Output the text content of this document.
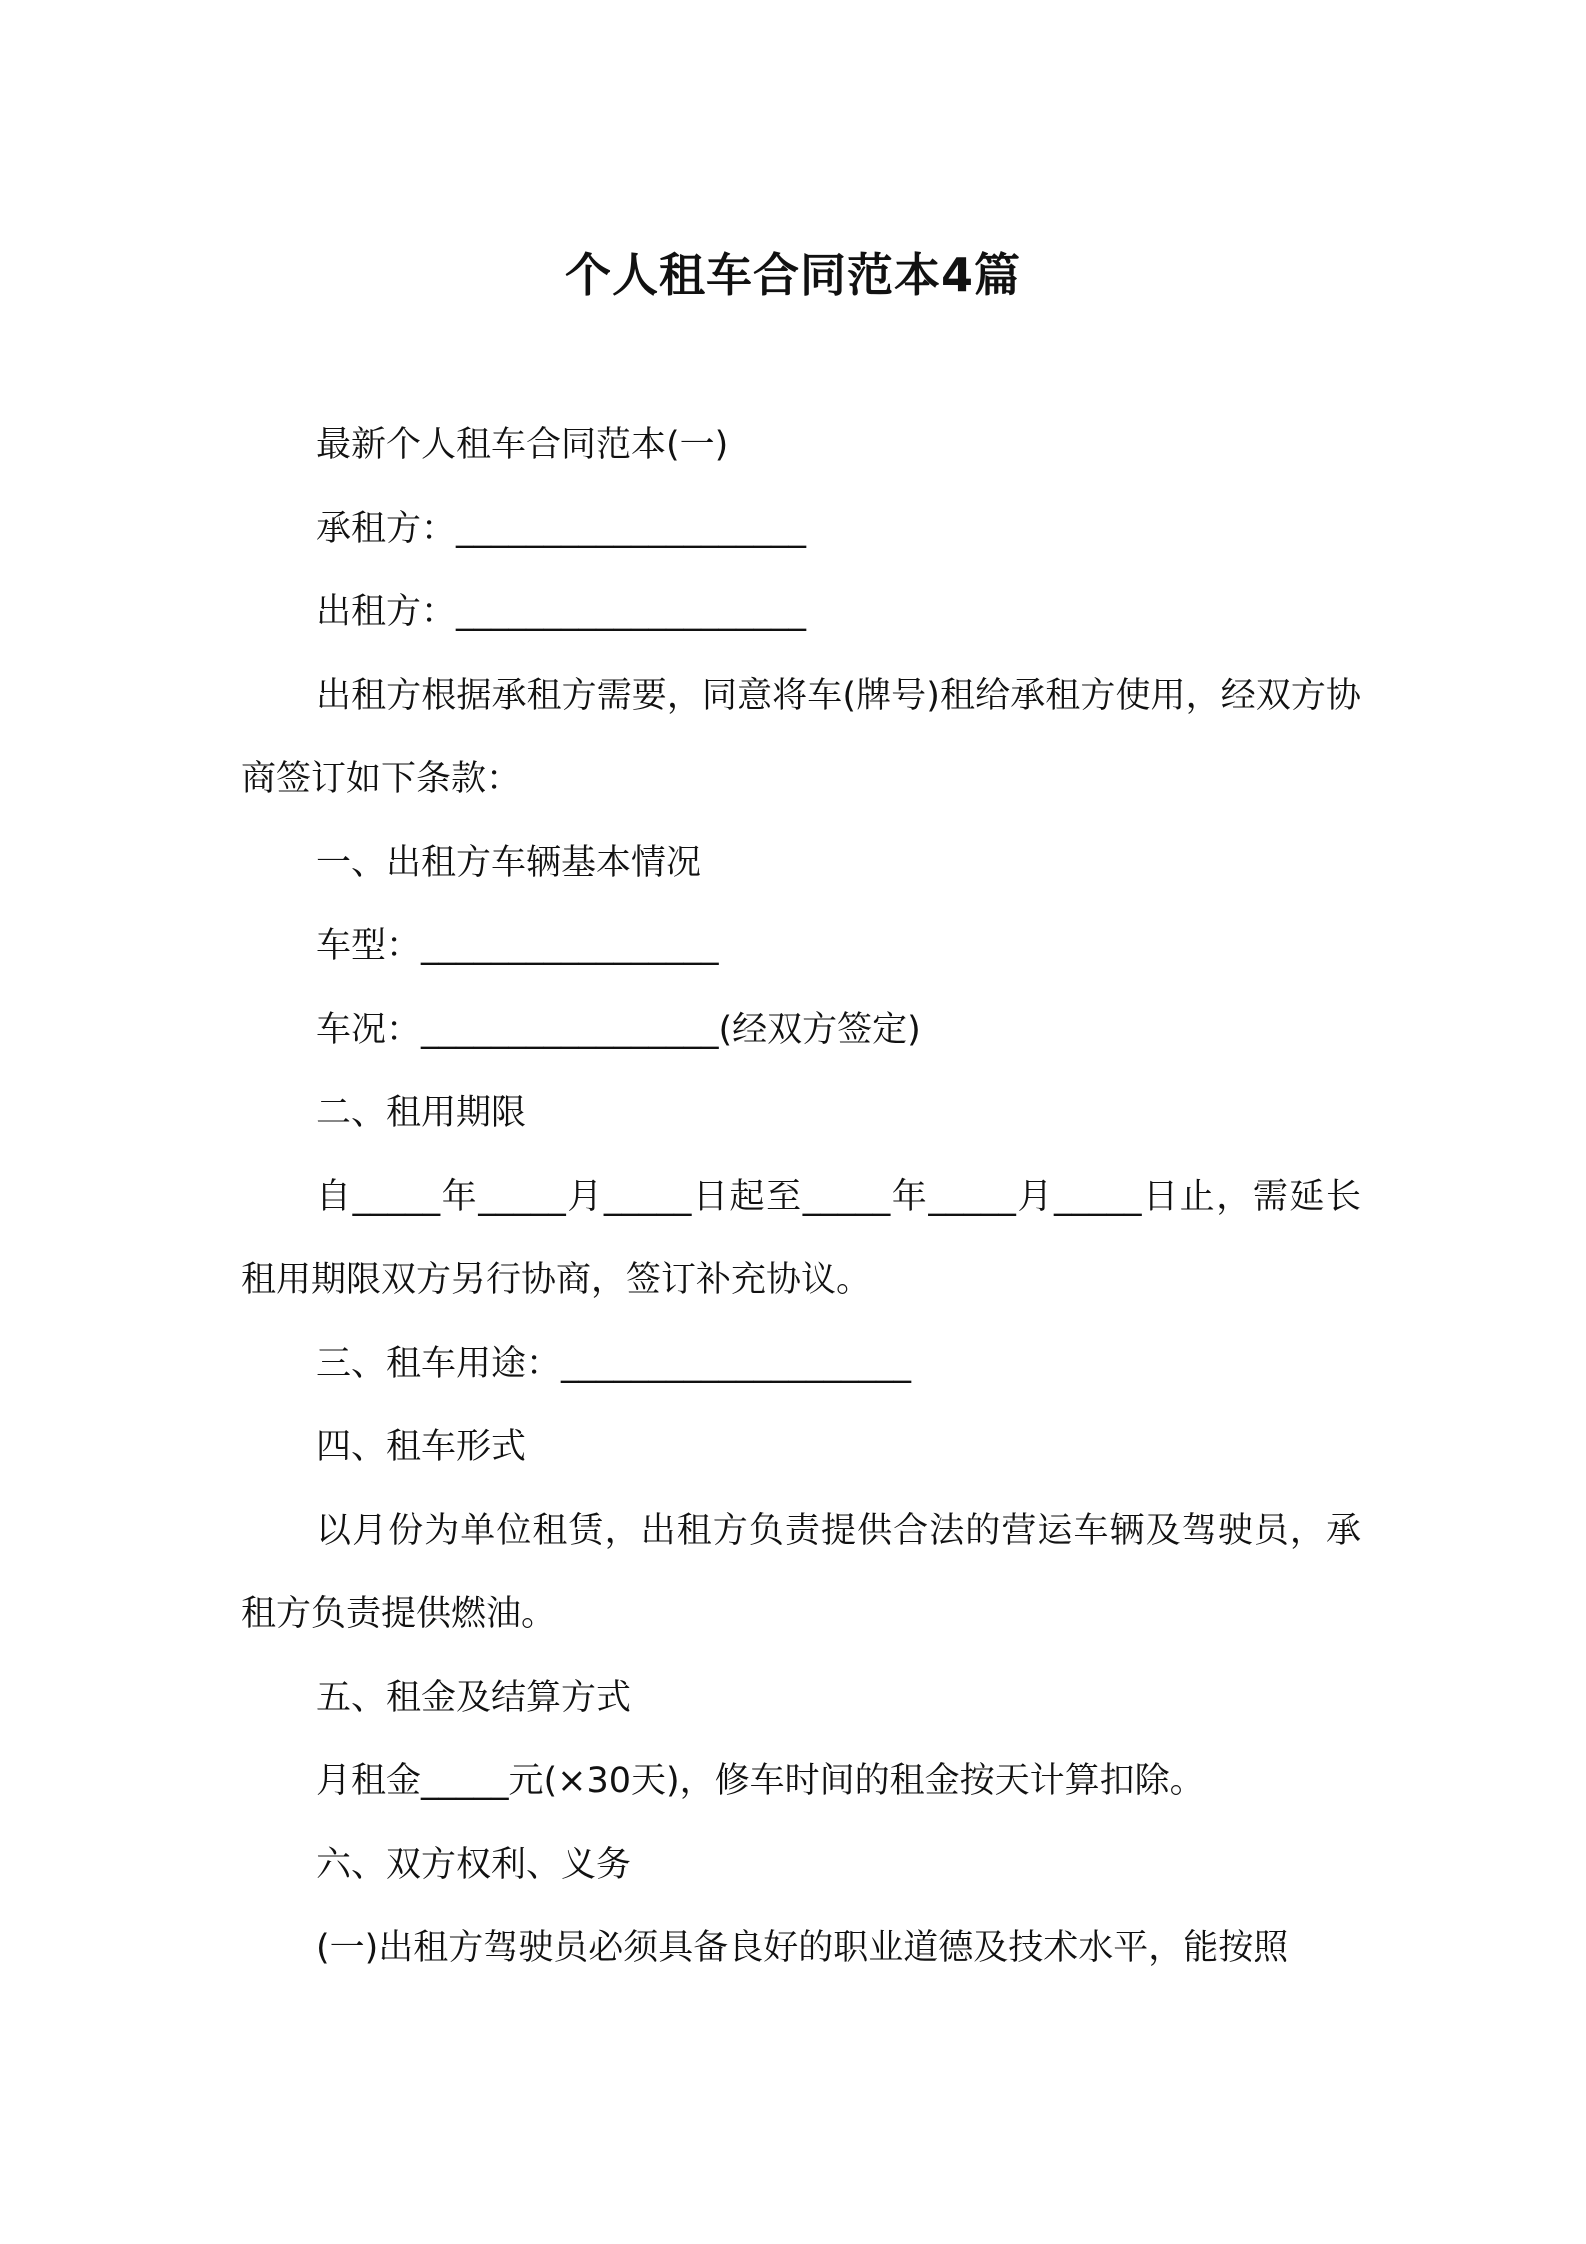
个人租车合同范本4篇

最新个人租车合同范本(一)

承租方：____________________

出租方：____________________

出租方根据承租方需要，同意将车(牌号)租给承租方使用，经双方协商签订如下条款：

一、出租方车辆基本情况

车型：_________________

车况：_________________(经双方签定)

二、租用期限

自_____年_____月_____日起至_____年_____月_____日止，需延长租用期限双方另行协商，签订补充协议。

三、租车用途：____________________

四、租车形式

以月份为单位租赁，出租方负责提供合法的营运车辆及驾驶员，承租方负责提供燃油。

五、租金及结算方式

月租金_____元(×30天)，修车时间的租金按天计算扣除。

六、双方权利、义务

(一)出租方驾驶员必须具备良好的职业道德及技术水平，能按照
